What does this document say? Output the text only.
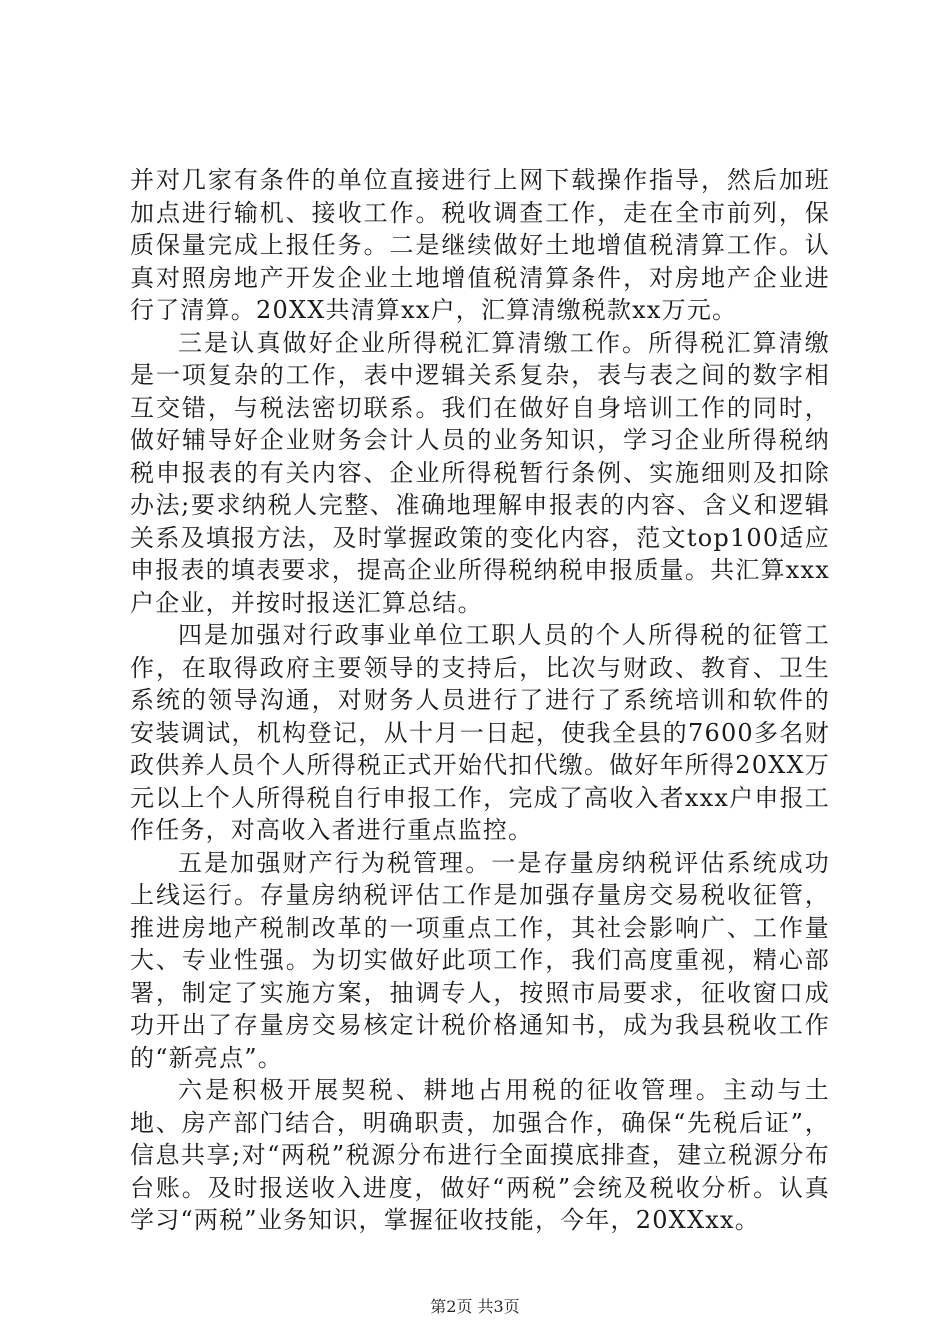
并对几家有条件的单位直接进行上网下载操作指导，然后加班加点进行输机、接收工作。税收调查工作，走在全市前列，保质保量完成上报任务。二是继续做好土地增值税清算工作。认真对照房地产开发企业土地增值税清算条件，对房地产企业进行了清算。20XX共清算xx户，汇算清缴税款xx万元。

三是认真做好企业所得税汇算清缴工作。所得税汇算清缴是一项复杂的工作，表中逻辑关系复杂，表与表之间的数字相互交错，与税法密切联系。我们在做好自身培训工作的同时，做好辅导好企业财务会计人员的业务知识，学习企业所得税纳税申报表的有关内容、企业所得税暂行条例、实施细则及扣除办法;要求纳税人完整、准确地理解申报表的内容、含义和逻辑关系及填报方法，及时掌握政策的变化内容，范文top100适应申报表的填表要求，提高企业所得税纳税申报质量。共汇算xxx户企业，并按时报送汇算总结。

四是加强对行政事业单位工职人员的个人所得税的征管工作，在取得政府主要领导的支持后，比次与财政、教育、卫生系统的领导沟通，对财务人员进行了进行了系统培训和软件的安装调试，机构登记，从十月一日起，使我全县的7600多名财政供养人员个人所得税正式开始代扣代缴。做好年所得20XX万元以上个人所得税自行申报工作，完成了高收入者xxx户申报工作任务，对高收入者进行重点监控。

五是加强财产行为税管理。一是存量房纳税评估系统成功上线运行。存量房纳税评估工作是加强存量房交易税收征管，推进房地产税制改革的一项重点工作，其社会影响广、工作量大、专业性强。为切实做好此项工作，我们高度重视，精心部署，制定了实施方案，抽调专人，按照市局要求，征收窗口成功开出了存量房交易核定计税价格通知书，成为我县税收工作的“新亮点”。

六是积极开展契税、耕地占用税的征收管理。主动与土地、房产部门结合，明确职责，加强合作，确保“先税后证”，信息共享;对“两税”税源分布进行全面摸底排查，建立税源分布台账。及时报送收入进度，做好“两税”会统及税收分析。认真学习“两税”业务知识，掌握征收技能，今年，20XXxx。

第2页 共3页
